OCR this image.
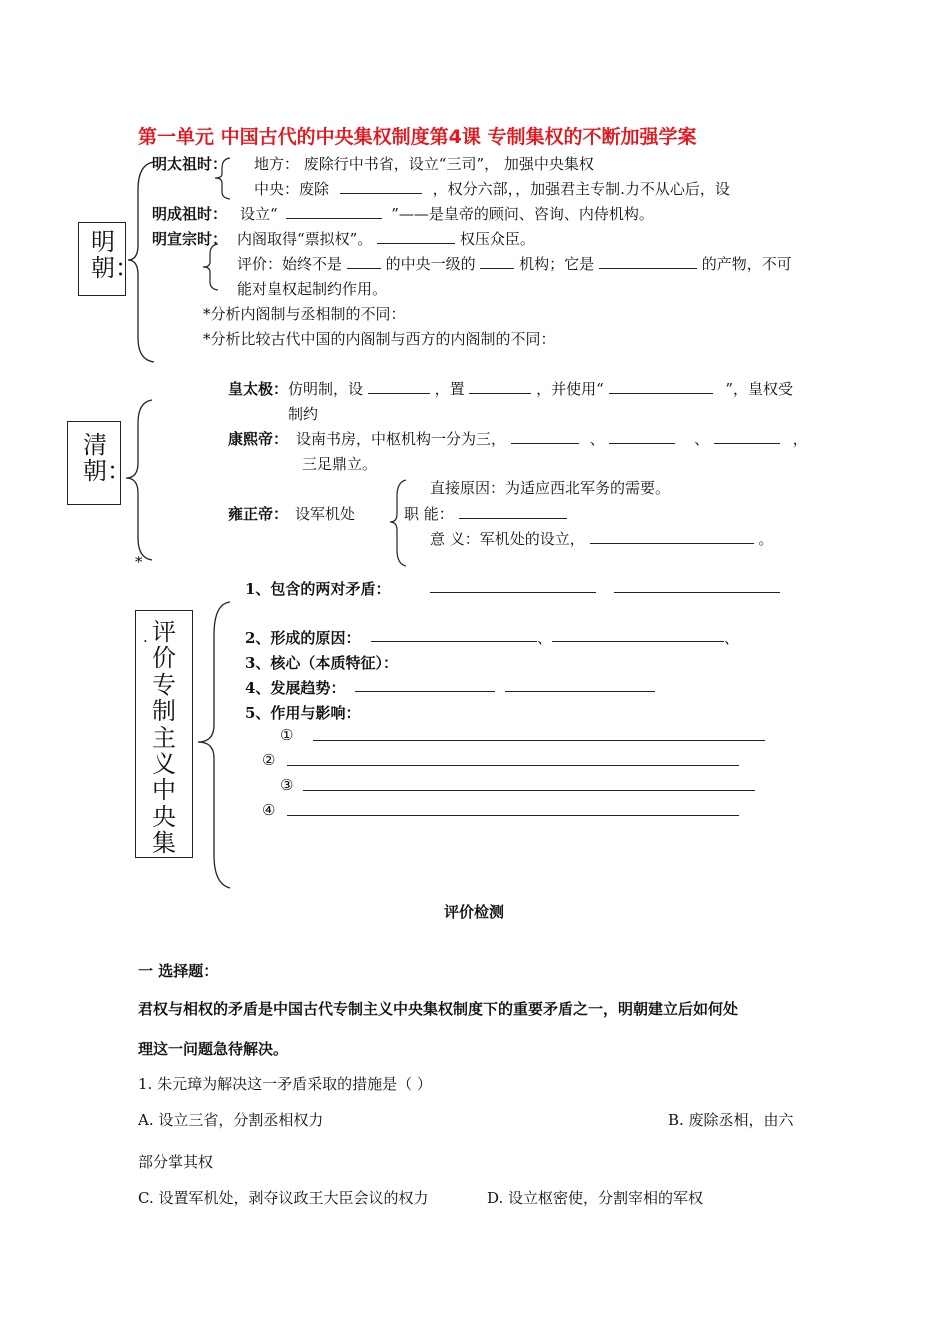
第一单元 中国古代的中央集权制度第4课 专制集权的不断加强学案
明朝：
明太祖时： 地方： 废除行中书省，设立“三司”， 加强中央集权
中央：废除	，权分六部，，加强君主专制.力不从心后，设
明成祖时： 设立“	”——是皇帝的顾问、咨询、内侍机构。
明宣宗时： 内阁取得“票拟权”。	权压众臣。
评价：始终不是	的中央一级的	机构；它是	的产物，不可
能对皇权起制约作用。
*分析内阁制与丞相制的不同：
*分析比较古代中国的内阁制与西方的内阁制的不同：
清朝：
皇太极： 仿明制，设	，置	，并使用“	”，皇权受
制约
康熙帝： 设南书房，中枢机构一分为三，	、	、	，
三足鼎立。
直接原因：为适应西北军务的需要。
雍正帝： 设军机处	职 能：
意 义：军机处的设立，	。
*
评价专制主义中央集
.
1、包含的两对矛盾：
2、形成的原因：	、	、
3、核心（本质特征）：
4、发展趋势：
5、作用与影响：
①
②
③
④
评价检测
一 选择题：
君权与相权的矛盾是中国古代专制主义中央集权制度下的重要矛盾之一，明朝建立后如何处
理这一问题急待解决。
1. 朱元璋为解决这一矛盾采取的措施是（ ）
A. 设立三省，分割丞相权力	B. 废除丞相，由六
部分掌其权
C. 设置军机处，剥夺议政王大臣会议的权力	D. 设立枢密使，分割宰相的军权
